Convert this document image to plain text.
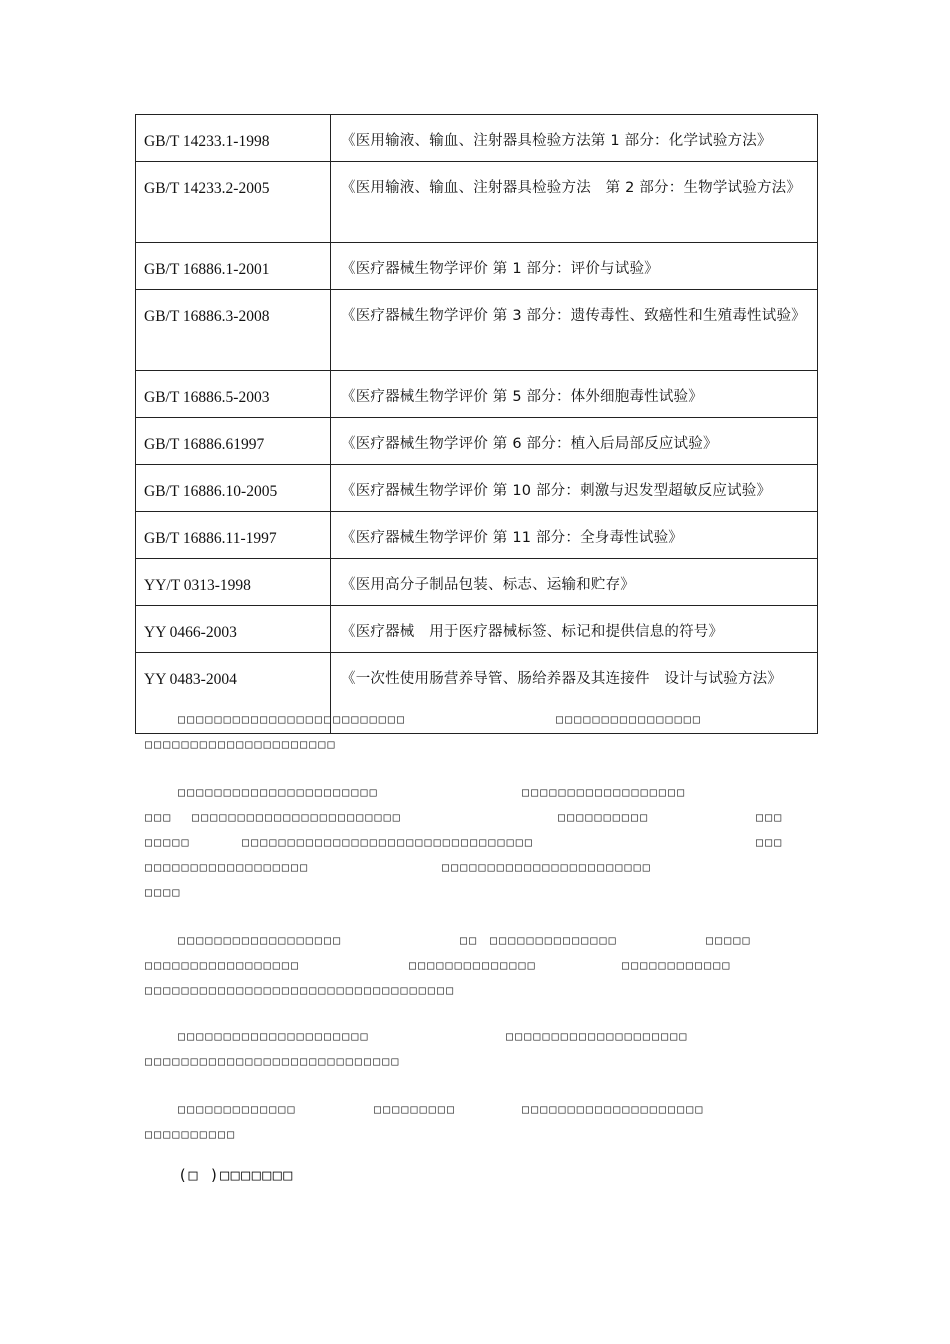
GB/T 14233.1-1998	《医用输液、输血、注射器具检验方法第 1 部分：化学试验方法》

GB/T 14233.2-2005	《医用输液、输血、注射器具检验方法　第 2 部分：生物学试验方法》

GB/T 16886.1-2001	《医疗器械生物学评价 第 1 部分：评价与试验》

GB/T 16886.3-2008	《医疗器械生物学评价 第 3 部分：遗传毒性、致癌性和生殖毒性试验》

GB/T 16886.5-2003	《医疗器械生物学评价 第 5 部分：体外细胞毒性试验》

GB/T 16886.61997	《医疗器械生物学评价 第 6 部分：植入后局部反应试验》

GB/T 16886.10-2005	《医疗器械生物学评价 第 10 部分：刺激与迟发型超敏反应试验》

GB/T 16886.11-1997	《医疗器械生物学评价 第 11 部分：全身毒性试验》

YY/T 0313-1998	《医用高分子制品包装、标志、运输和贮存》

YY 0466-2003	《医疗器械　用于医疗器械标签、标记和提供信息的符号》

YY 0483-2004	《一次性使用肠营养导管、肠给养器及其连接件　设计与试验方法》
□□□□□□□□□□□□□□□□□□□□□□□□□	□□□□□□□□□□□□□□□□
□□□□□□□□□□□□□□□□□□□□□
□□□□□□□□□□□□□□□□□□□□□□	□□□□□□□□□□□□□□□□□□
□□□ □□□□□□□□□□□□□□□□□□□□□□□	□□□□□□□□□□	□□□
□□□□□	□□□□□□□□□□□□□□□□□□□□□□□□□□□□□□□□	□□□
□□□□□□□□□□□□□□□□□□	□□□□□□□□□□□□□□□□□□□□□□□
□□□□
□□□□□□□□□□□□□□□□□□	□□ □□□□□□□□□□□□□□	□□□□□
□□□□□□□□□□□□□□□□□	□□□□□□□□□□□□□□	□□□□□□□□□□□□
□□□□□□□□□□□□□□□□□□□□□□□□□□□□□□□□□□
□□□□□□□□□□□□□□□□□□□□□	□□□□□□□□□□□□□□□□□□□□
□□□□□□□□□□□□□□□□□□□□□□□□□□□□
□□□□□□□□□□□□□	□□□□□□□□□	□□□□□□□□□□□□□□□□□□□□
□□□□□□□□□□
(□ )□□□□□□□
